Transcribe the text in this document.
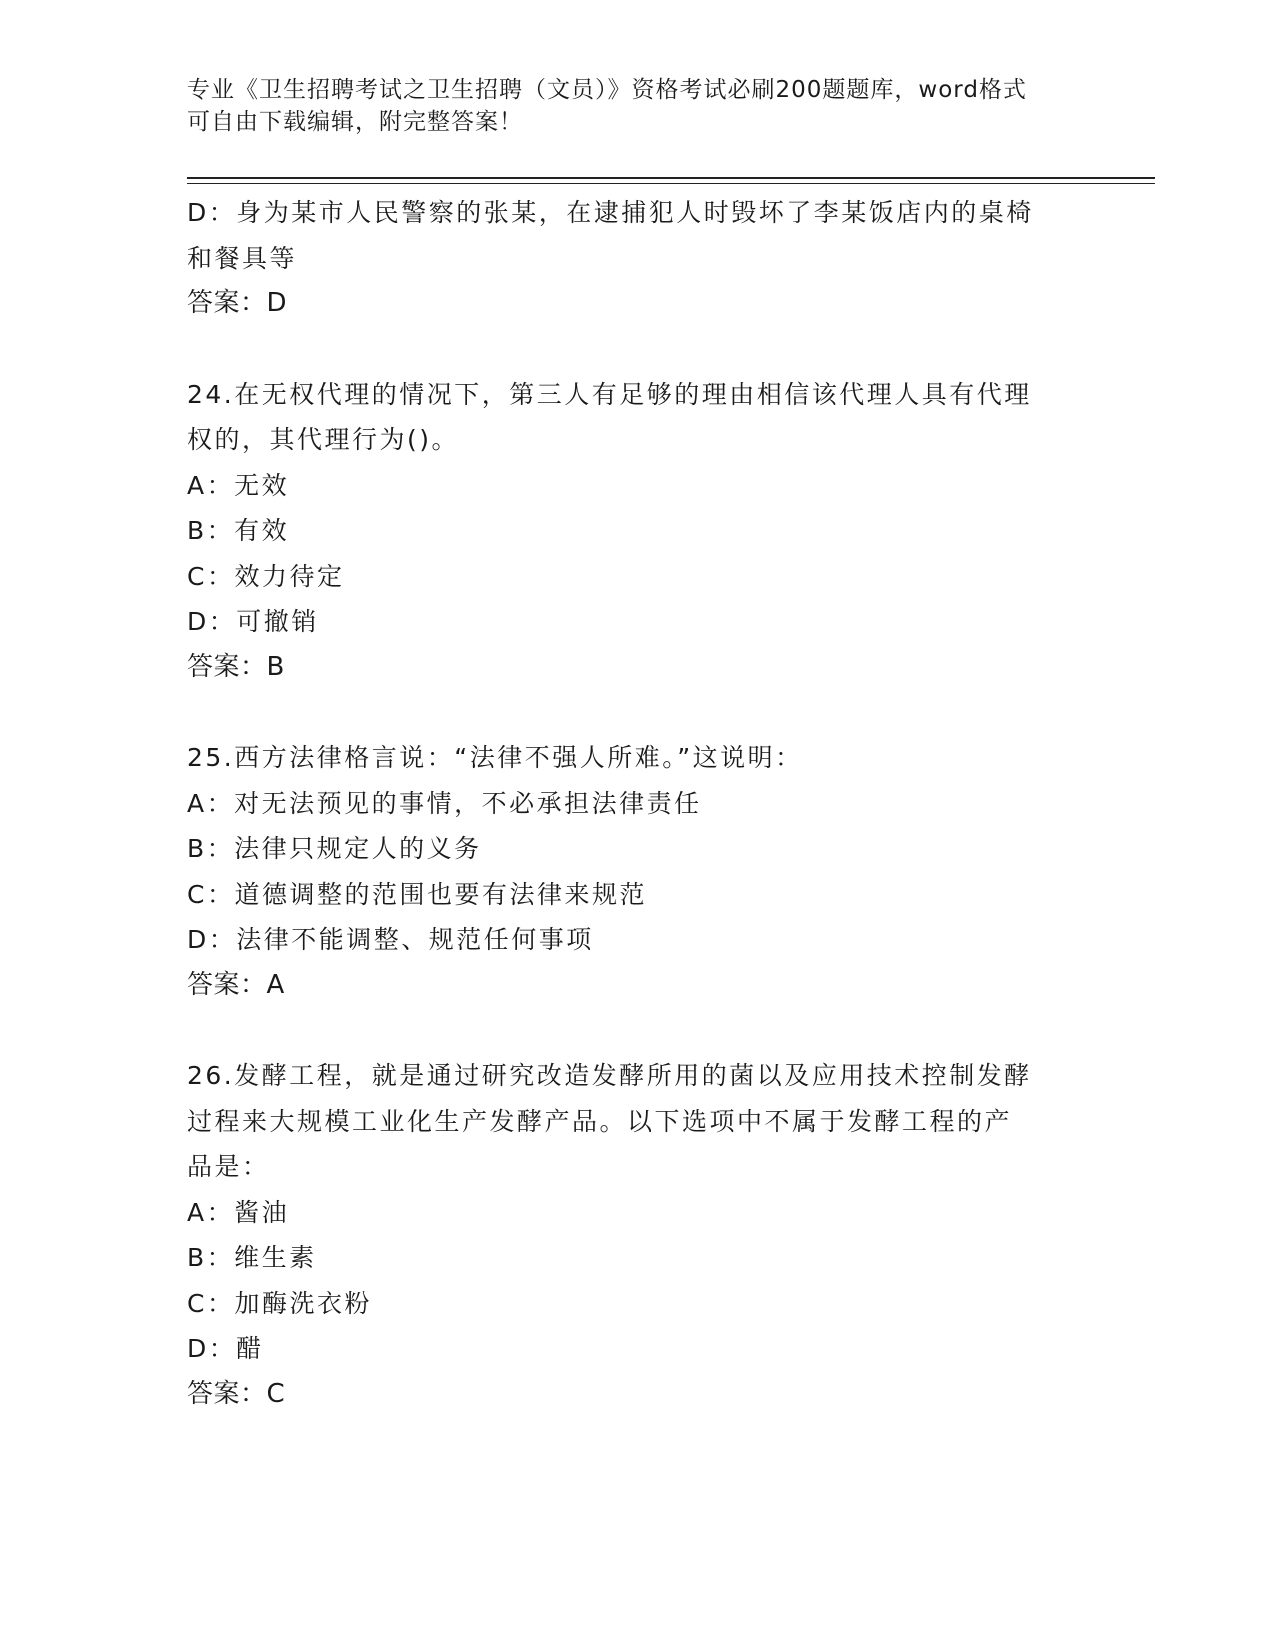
专业《卫生招聘考试之卫生招聘（文员）》资格考试必刷200题题库，word格式
可自由下载编辑，附完整答案！
D：身为某市人民警察的张某，在逮捕犯人时毁坏了李某饭店内的桌椅
和餐具等
答案：D
24.在无权代理的情况下，第三人有足够的理由相信该代理人具有代理
权的，其代理行为()。
A：无效
B：有效
C：效力待定
D：可撤销
答案：B
25.西方法律格言说：“法律不强人所难。”这说明：
A：对无法预见的事情，不必承担法律责任
B：法律只规定人的义务
C：道德调整的范围也要有法律来规范
D：法律不能调整、规范任何事项
答案：A
26.发酵工程，就是通过研究改造发酵所用的菌以及应用技术控制发酵
过程来大规模工业化生产发酵产品。以下选项中不属于发酵工程的产
品是：
A：酱油
B：维生素
C：加酶洗衣粉
D：醋
答案：C
